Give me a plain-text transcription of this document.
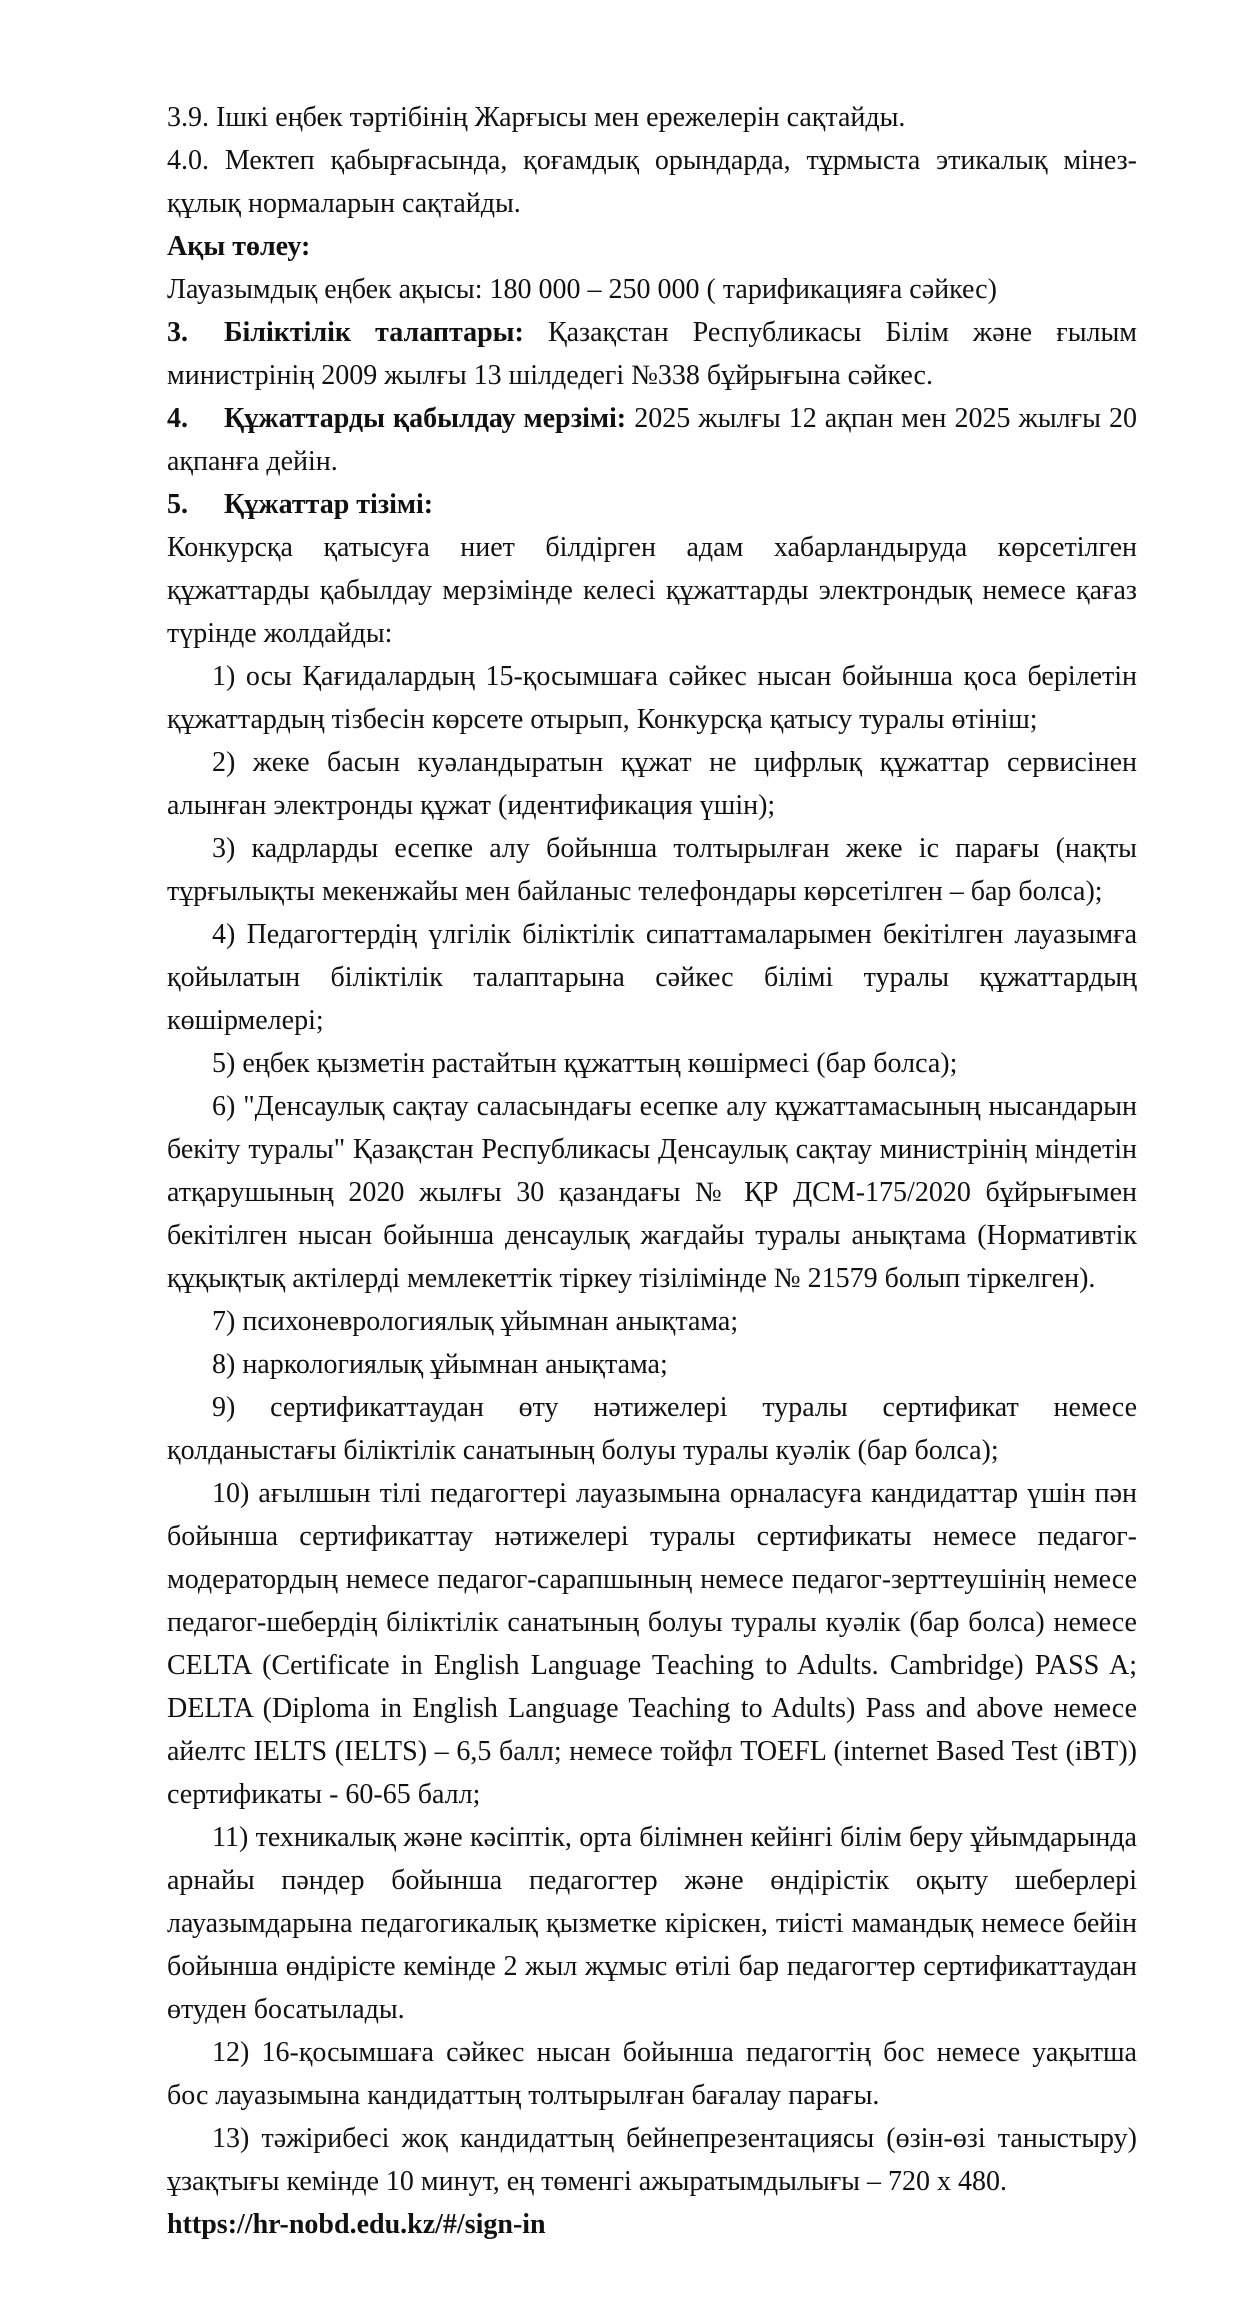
3.9. Ішкі еңбек тәртібінің Жарғысы мен ережелерін сақтайды.

4.0. Мектеп қабырғасында, қоғамдық орындарда, тұрмыста этикалық мінез-құлық нормаларын сақтайды.

Ақы төлеу:

Лауазымдық еңбек ақысы: 180 000 – 250 000 ( тарификацияға сәйкес)

3. Біліктілік талаптары: Қазақстан Республикасы Білім және ғылым министрінің 2009 жылғы 13 шілдедегі №338 бұйрығына сәйкес.

4. Құжаттарды қабылдау мерзімі: 2025 жылғы 12 ақпан мен 2025 жылғы 20 ақпанға дейін.

5. Құжаттар тізімі:

Конкурсқа қатысуға ниет білдірген адам хабарландыруда көрсетілген құжаттарды қабылдау мерзімінде келесі құжаттарды электрондық немесе қағаз түрінде жолдайды:

1) осы Қағидалардың 15-қосымшаға сәйкес нысан бойынша қоса берілетін құжаттардың тізбесін көрсете отырып, Конкурсқа қатысу туралы өтініш;

2) жеке басын куәландыратын құжат не цифрлық құжаттар сервисінен алынған электронды құжат (идентификация үшін);

3) кадрларды есепке алу бойынша толтырылған жеке іс парағы (нақты тұрғылықты мекенжайы мен байланыс телефондары көрсетілген – бар болса);

4) Педагогтердің үлгілік біліктілік сипаттамаларымен бекітілген лауазымға қойылатын біліктілік талаптарына сәйкес білімі туралы құжаттардың көшірмелері;

5) еңбек қызметін растайтын құжаттың көшірмесі (бар болса);

6) "Денсаулық сақтау саласындағы есепке алу құжаттамасының нысандарын бекіту туралы" Қазақстан Республикасы Денсаулық сақтау министрінің міндетін атқарушының 2020 жылғы 30 қазандағы № ҚР ДСМ-175/2020 бұйрығымен бекітілген нысан бойынша денсаулық жағдайы туралы анықтама (Нормативтік құқықтық актілерді мемлекеттік тіркеу тізілімінде № 21579 болып тіркелген).

7) психоневрологиялық ұйымнан анықтама;

8) наркологиялық ұйымнан анықтама;

9) сертификаттаудан өту нәтижелері туралы сертификат немесе қолданыстағы біліктілік санатының болуы туралы куәлік (бар болса);

10) ағылшын тілі педагогтері лауазымына орналасуға кандидаттар үшін пән бойынша сертификаттау нәтижелері туралы сертификаты немесе педагог-модератордың немесе педагог-сарапшының немесе педагог-зерттеушінің немесе педагог-шебердің біліктілік санатының болуы туралы куәлік (бар болса) немесе CELTA (Certificate in English Language Teaching to Adults. Cambridge) PASS A; DELTA (Diploma in English Language Teaching to Adults) Pass and above немесе айелтс IELTS (IELTS) – 6,5 балл; немесе тойфл TOEFL (internet Based Test (iBT)) сертификаты - 60-65 балл;

11) техникалық және кәсіптік, орта білімнен кейінгі білім беру ұйымдарында арнайы пәндер бойынша педагогтер және өндірістік оқыту шеберлері лауазымдарына педагогикалық қызметке кіріскен, тиісті мамандық немесе бейін бойынша өндірісте кемінде 2 жыл жұмыс өтілі бар педагогтер сертификаттаудан өтуден босатылады.

12) 16-қосымшаға сәйкес нысан бойынша педагогтің бос немесе уақытша бос лауазымына кандидаттың толтырылған бағалау парағы.

13) тәжірибесі жоқ кандидаттың бейнепрезентациясы (өзін-өзі таныстыру) ұзақтығы кемінде 10 минут, ең төменгі ажыратымдылығы – 720 x 480.

https://hr-nobd.edu.kz/#/sign-in
